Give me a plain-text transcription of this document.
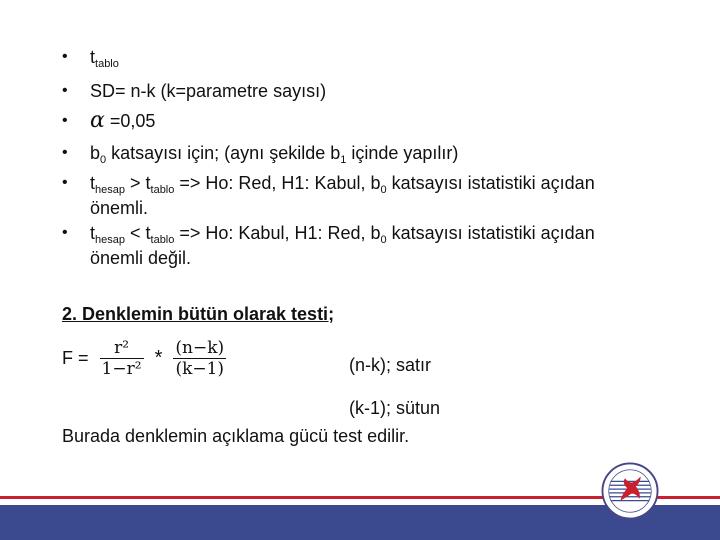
• $t_{tablo}$
• SD= n-k (k=parametre sayısı)
• α =0,05
• $b_0$ katsayısı için; (aynı şekilde $b_1$ içinde yapılır)
• $t_{hesap} > t_{tablo} => Ho$: Red, H1: Kabul, $b_0$ katsayısı istatistiki açıdan önemli.
• $t_{hesap} < t_{tablo} => Ho$: Kabul, H1: Red, $b_0$ katsayısı istatistiki açıdan önemli değil.
2. Denklemin bütün olarak testi;
$F = \frac{\text{r²}}{\text{1−r²}} * \frac{(n-k)}{(k-1)}$	(n-k); satır
(k-1); sütun
Burada denklemin açıklama gücü test edilir.
